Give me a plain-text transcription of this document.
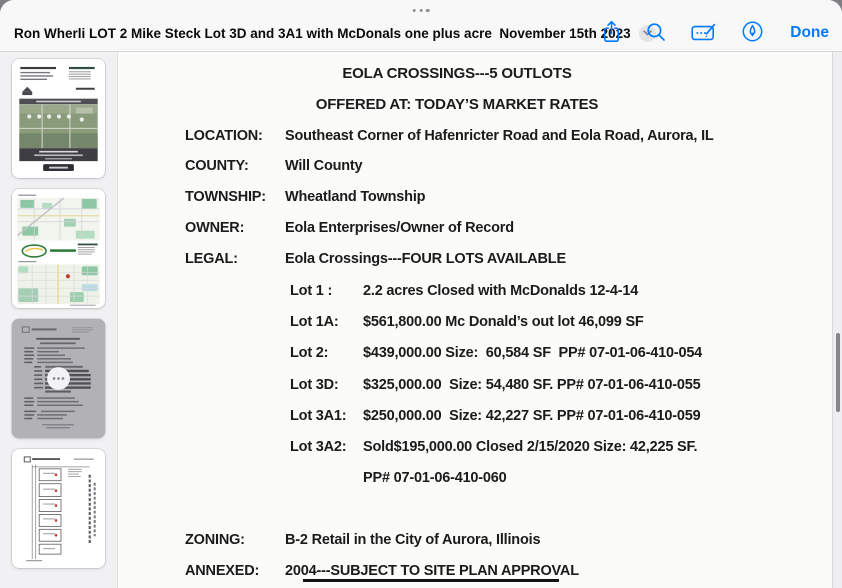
Ron Wherli LOT 2 Mike Steck Lot 3D and 3A1 with McDonals one plus acre  November 15th 2023	Done
EOLA CROSSINGS---5 OUTLOTS
OFFERED AT: TODAY’S MARKET RATES
LOCATION: Southeast Corner of Hafenricter Road and Eola Road, Aurora, IL
COUNTY:	Will County
TOWNSHIP: Wheatland Township
OWNER:	Eola Enterprises/Owner of Record
LEGAL:	Eola Crossings---FOUR LOTS AVAILABLE
Lot 1 : 2.2 acres Closed with McDonalds 12-4-14
Lot 1A: $561,800.00 Mc Donald’s out lot 46,099 SF
Lot 2: $439,000.00 Size:  60,584 SF  PP# 07-01-06-410-054
Lot 3D: $325,000.00  Size: 54,480 SF. PP# 07-01-06-410-055
Lot 3A1: $250,000.00  Size: 42,227 SF. PP# 07-01-06-410-059
Lot 3A2: Sold$195,000.00 Closed 2/15/2020 Size: 42,225 SF.
PP# 07-01-06-410-060
ZONING:	B-2 Retail in the City of Aurora, Illinois
ANNEXED: 2004---SUBJECT TO SITE PLAN APPROVAL
